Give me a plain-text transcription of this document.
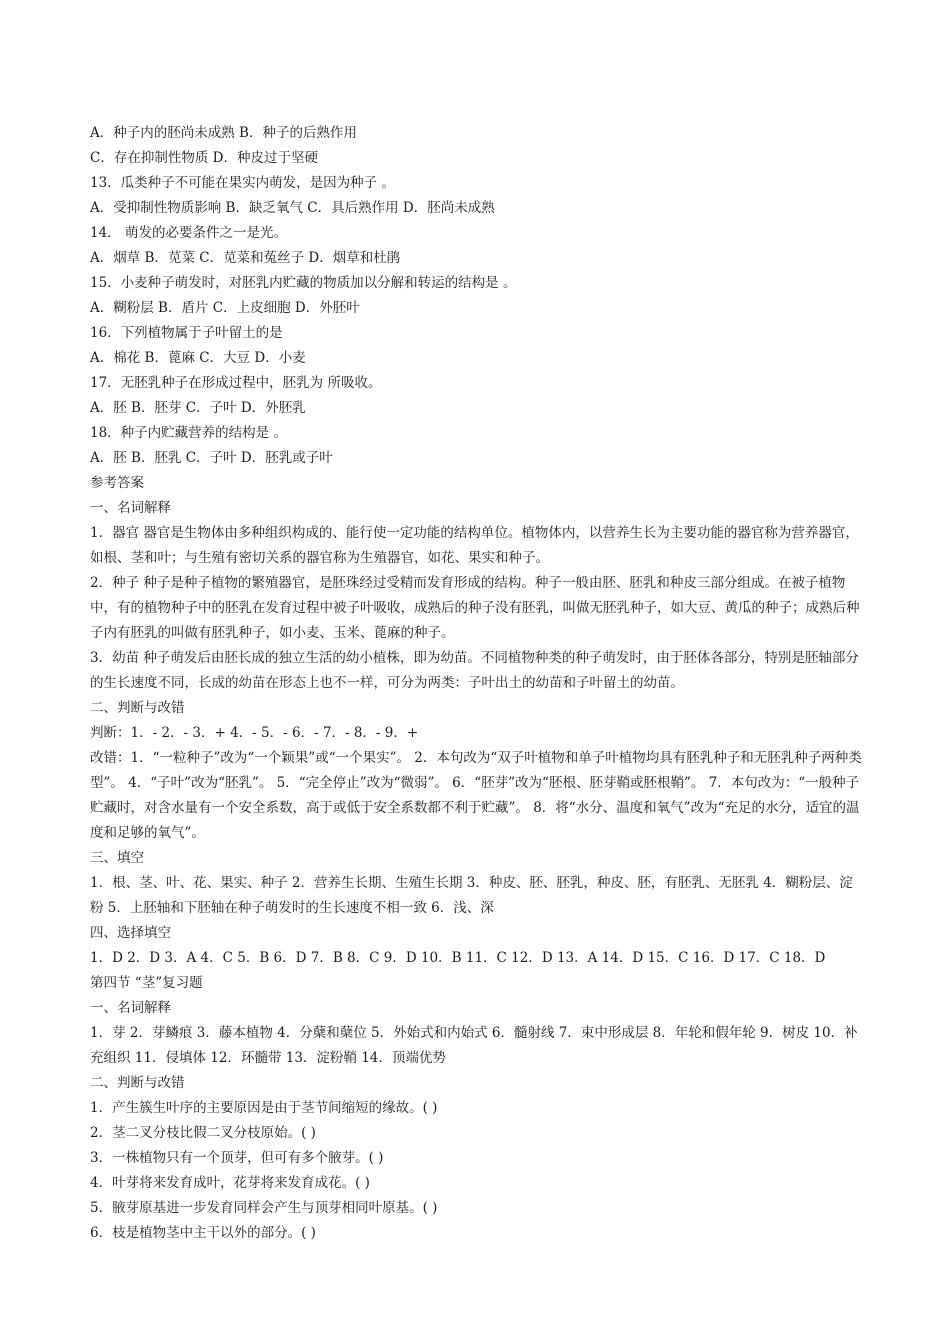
A．种子内的胚尚未成熟 B．种子的后熟作用

C．存在抑制性物质 D．种皮过于坚硬

13．瓜类种子不可能在果实内萌发，是因为种子 。

A．受抑制性物质影响 B．缺乏氧气 C．具后熟作用 D．胚尚未成熟

14． 萌发的必要条件之一是光。

A．烟草 B．苋菜 C．苋菜和菟丝子 D．烟草和杜鹃

15．小麦种子萌发时，对胚乳内贮藏的物质加以分解和转运的结构是 。

A．糊粉层 B．盾片 C．上皮细胞 D．外胚叶

16．下列植物属于子叶留土的是

A．棉花 B．蓖麻 C．大豆 D．小麦

17．无胚乳种子在形成过程中，胚乳为 所吸收。

A．胚 B．胚芽 C．子叶 D．外胚乳

18．种子内贮藏营养的结构是 。

A．胚 B．胚乳 C．子叶 D．胚乳或子叶

参考答案

一、名词解释

1．器官 器官是生物体由多种组织构成的、能行使一定功能的结构单位。植物体内，以营养生长为主要功能的器官称为营养器官，如根、茎和叶；与生殖有密切关系的器官称为生殖器官，如花、果实和种子。

2．种子 种子是种子植物的繁殖器官，是胚珠经过受精而发育形成的结构。种子一般由胚、胚乳和种皮三部分组成。在被子植物中，有的植物种子中的胚乳在发育过程中被子叶吸收，成熟后的种子没有胚乳，叫做无胚乳种子，如大豆、黄瓜的种子；成熟后种子内有胚乳的叫做有胚乳种子，如小麦、玉米、蓖麻的种子。

3．幼苗 种子萌发后由胚长成的独立生活的幼小植株，即为幼苗。不同植物种类的种子萌发时，由于胚体各部分，特别是胚轴部分的生长速度不同，长成的幼苗在形态上也不一样，可分为两类：子叶出土的幼苗和子叶留土的幼苗。

二、判断与改错

判断：1．- 2．- 3．+ 4．- 5．- 6．- 7．- 8．- 9．+

改错：1．“一粒种子”改为“一个颖果”或“一个果实”。 2．本句改为“双子叶植物和单子叶植物均具有胚乳种子和无胚乳种子两种类型”。 4．“子叶”改为“胚乳”。 5．“完全停止”改为“微弱”。 6．“胚芽”改为“胚根、胚芽鞘或胚根鞘”。 7．本句改为：“一般种子贮藏时，对含水量有一个安全系数，高于或低于安全系数都不利于贮藏”。 8．将“水分、温度和氧气”改为“充足的水分，适宜的温度和足够的氧气”。

三、填空

1．根、茎、叶、花、果实、种子 2．营养生长期、生殖生长期 3．种皮、胚、胚乳，种皮、胚，有胚乳、无胚乳 4．糊粉层、淀粉 5．上胚轴和下胚轴在种子萌发时的生长速度不相一致 6．浅、深

四、选择填空

1．D 2．D 3．A 4．C 5．B 6．D 7．B 8．C 9．D 10．B 11．C 12．D 13．A 14．D 15．C 16．D 17．C 18．D

第四节 “茎”复习题

一、名词解释

1．芽 2．芽鳞痕 3．藤本植物 4．分蘖和蘖位 5．外始式和内始式 6．髓射线 7．束中形成层 8．年轮和假年轮 9．树皮 10．补充组织 11．侵填体 12．环髓带 13．淀粉鞘 14．顶端优势

二、判断与改错

1．产生簇生叶序的主要原因是由于茎节间缩短的缘故。( )

2．茎二叉分枝比假二叉分枝原始。( )

3．一株植物只有一个顶芽，但可有多个腋芽。( )

4．叶芽将来发育成叶，花芽将来发育成花。( )

5．腋芽原基进一步发育同样会产生与顶芽相同叶原基。( )

6．枝是植物茎中主干以外的部分。( )
